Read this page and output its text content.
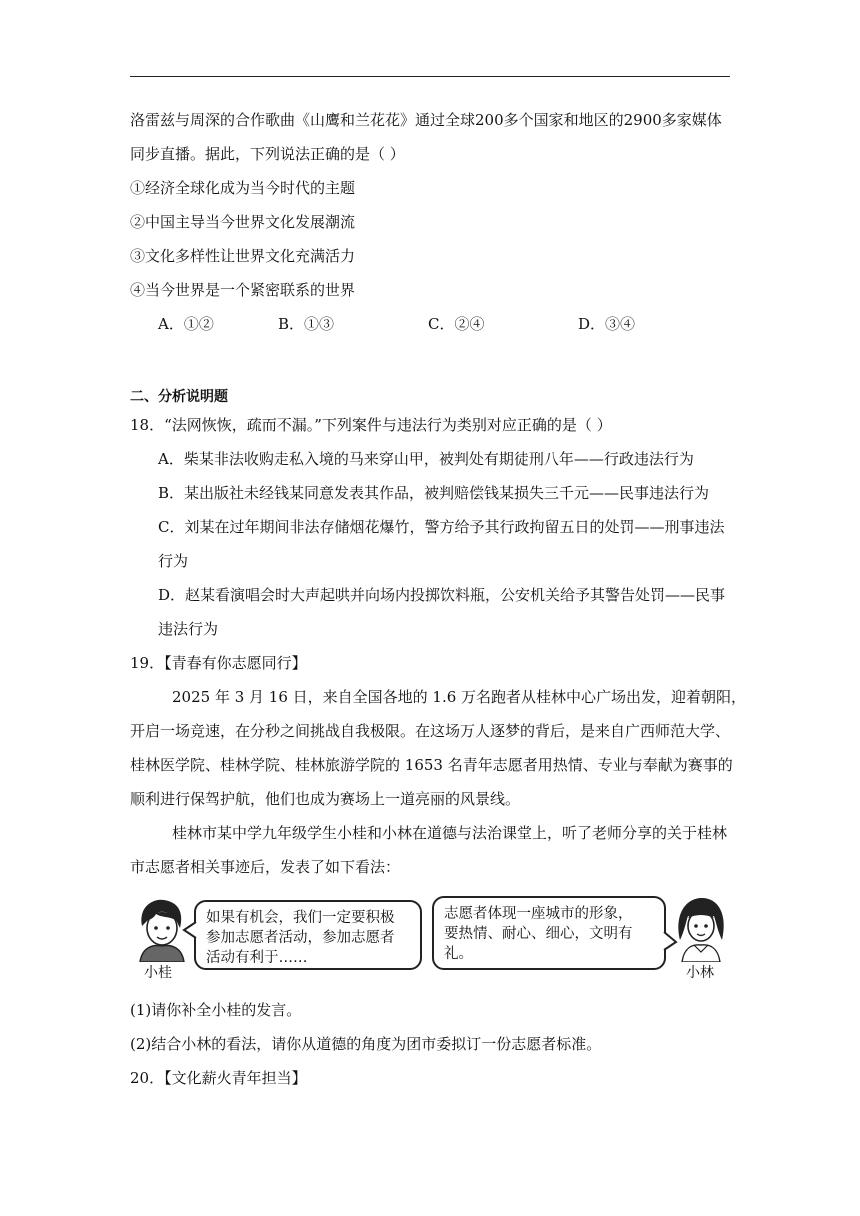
洛雷兹与周深的合作歌曲《山鹰和兰花花》通过全球200多个国家和地区的2900多家媒体
同步直播。据此，下列说法正确的是（ ）
①经济全球化成为当今时代的主题
②中国主导当今世界文化发展潮流
③文化多样性让世界文化充满活力
④当今世界是一个紧密联系的世界
A．①②	B．①③	C．②④	D．③④
二、分析说明题
18．“法网恢恢，疏而不漏。”下列案件与违法行为类别对应正确的是（ ）
A．柴某非法收购走私入境的马来穿山甲，被判处有期徒刑八年——行政违法行为
B．某出版社未经钱某同意发表其作品，被判赔偿钱某损失三千元——民事违法行为
C．刘某在过年期间非法存储烟花爆竹，警方给予其行政拘留五日的处罚——刑事违法
行为
D．赵某看演唱会时大声起哄并向场内投掷饮料瓶，公安机关给予其警告处罚——民事
违法行为
19．【青春有你志愿同行】
2025 年 3 月 16 日，来自全国各地的 1.6 万名跑者从桂林中心广场出发，迎着朝阳，
开启一场竞速，在分秒之间挑战自我极限。在这场万人逐梦的背后，是来自广西师范大学、
桂林医学院、桂林学院、桂林旅游学院的 1653 名青年志愿者用热情、专业与奉献为赛事的
顺利进行保驾护航，他们也成为赛场上一道亮丽的风景线。
桂林市某中学九年级学生小桂和小林在道德与法治课堂上，听了老师分享的关于桂林
市志愿者相关事迹后，发表了如下看法：
小桂
如果有机会，我们一定要积极
参加志愿者活动，参加志愿者
活动有利于……
志愿者体现一座城市的形象，
要热情、耐心、细心，文明有
礼。
小林
(1)请你补全小桂的发言。
(2)结合小林的看法，请你从道德的角度为团市委拟订一份志愿者标准。
20．【文化薪火青年担当】
